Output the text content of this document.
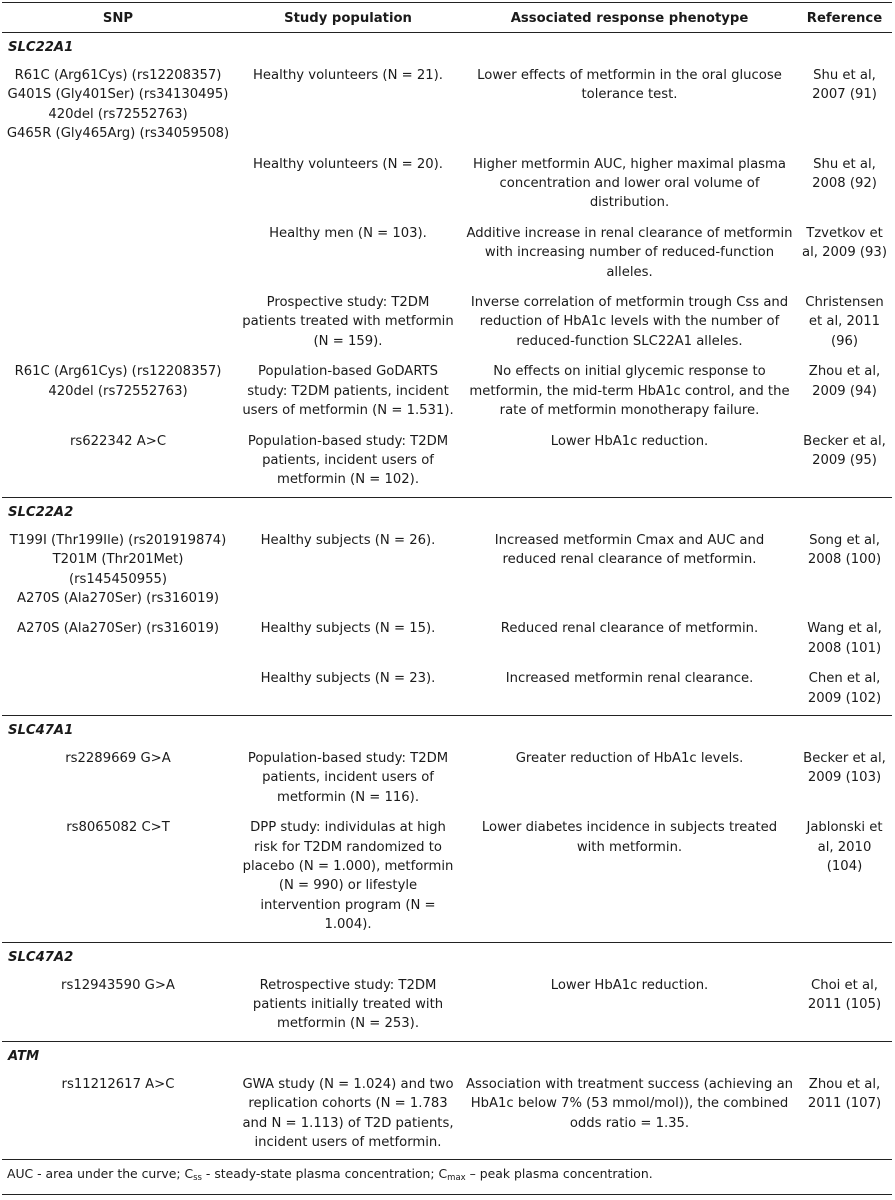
SNP	Study population	Associated response phenotype	Reference
SLC22A1			

R61C (Arg61Cys) (rs12208357)
G401S (Gly401Ser) (rs34130495)
420del (rs72552763)
G465R (Gly465Arg) (rs34059508)	Healthy volunteers (N = 21).	Lower effects of metformin in the oral glucose tolerance test.	Shu et al, 2007 (91)
	Healthy volunteers (N = 20).	Higher metformin AUC, higher maximal plasma concentration and lower oral volume of distribution.	Shu et al, 2008 (92)
	Healthy men (N = 103).	Additive increase in renal clearance of metformin with increasing number of reduced-function alleles.	Tzvetkov et al, 2009 (93)
	Prospective study: T2DM patients treated with metformin (N = 159).	Inverse correlation of metformin trough Css and reduction of HbA1c levels with the number of reduced-function SLC22A1 alleles.	Christensen et al, 2011 (96)

R61C (Arg61Cys) (rs12208357)
420del (rs72552763)	Population-based GoDARTS study: T2DM patients, incident users of metformin (N = 1.531).	No effects on initial glycemic response to metformin, the mid-term HbA1c control, and the rate of metformin monotherapy failure.	Zhou et al, 2009 (94)

rs622342 A>C	Population-based study: T2DM patients, incident users of metformin (N = 102).	Lower HbA1c reduction.	Becker et al, 2009 (95)
SLC22A2			

T199I (Thr199Ile) (rs201919874)
T201M (Thr201Met)
(rs145450955)
A270S (Ala270Ser) (rs316019)	Healthy subjects (N = 26).	Increased metformin Cmax and AUC and reduced renal clearance of metformin.	Song et al, 2008 (100)

A270S (Ala270Ser) (rs316019)	Healthy subjects (N = 15).	Reduced renal clearance of metformin.	Wang et al, 2008 (101)
	Healthy subjects (N = 23).	Increased metformin renal clearance.	Chen et al, 2009 (102)
SLC47A1			

rs2289669 G>A	Population-based study: T2DM patients, incident users of metformin (N = 116).	Greater reduction of HbA1c levels.	Becker et al, 2009 (103)

rs8065082 C>T	DPP study: individulas at high risk for T2DM randomized to placebo (N = 1.000), metformin (N = 990) or lifestyle intervention program (N = 1.004).	Lower diabetes incidence in subjects treated with metformin.	Jablonski et al, 2010 (104)
SLC47A2			

rs12943590 G>A	Retrospective study: T2DM patients initially treated with metformin (N = 253).	Lower HbA1c reduction.	Choi et al, 2011 (105)
ATM			

rs11212617 A>C	GWA study (N = 1.024) and two replication cohorts (N = 1.783 and N = 1.113) of T2D patients, incident users of metformin.	Association with treatment success (achieving an HbA1c below 7% (53 mmol/mol)), the combined odds ratio = 1.35.	Zhou et al, 2011 (107)
AUC - area under the curve; $C_{ss}$ - steady-state plasma concentration; $C_{max}$ – peak plasma concentration.			
